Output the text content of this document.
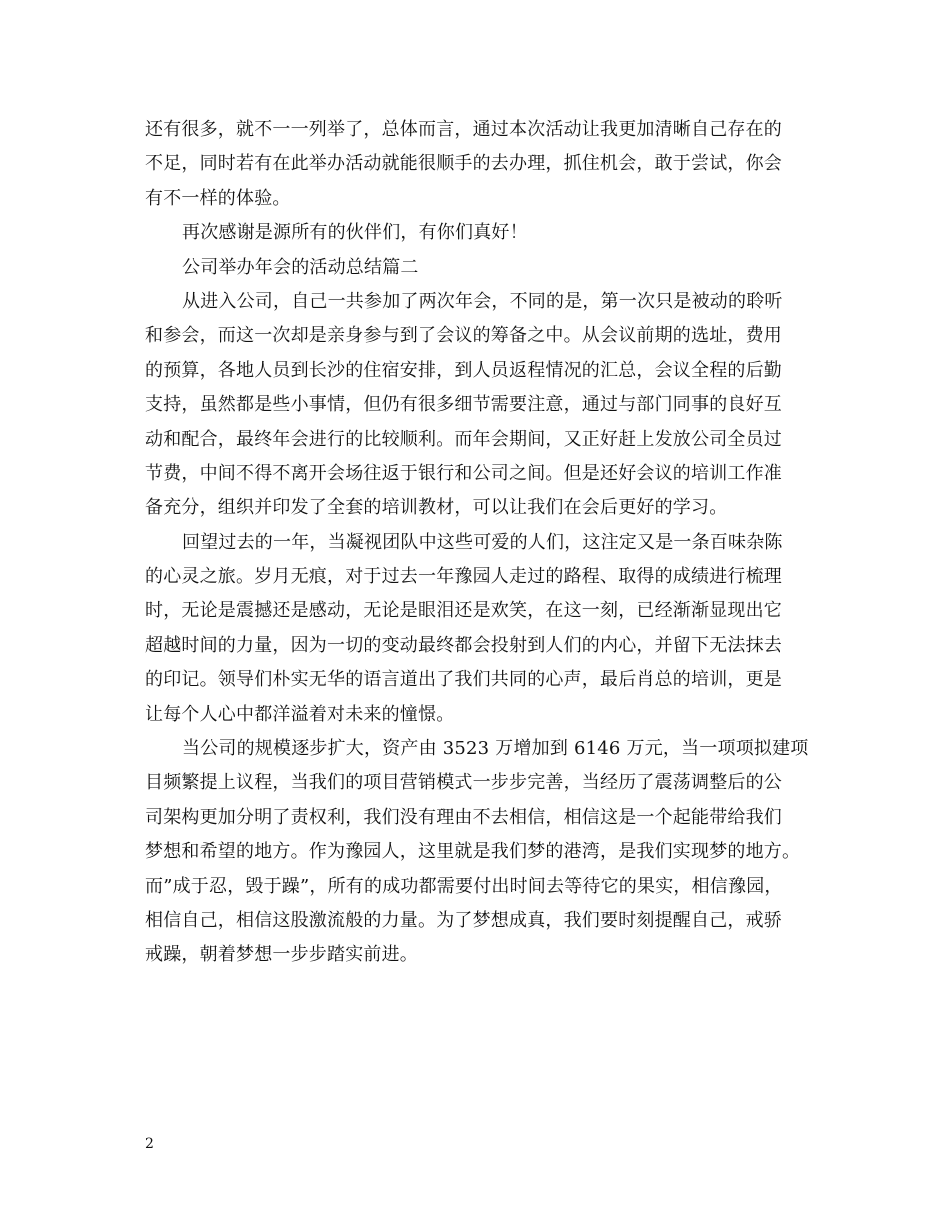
还有很多，就不一一列举了，总体而言，通过本次活动让我更加清晰自己存在的
不足，同时若有在此举办活动就能很顺手的去办理，抓住机会，敢于尝试，你会
有不一样的体验。
再次感谢是源所有的伙伴们，有你们真好！
公司举办年会的活动总结篇二
从进入公司，自己一共参加了两次年会，不同的是，第一次只是被动的聆听
和参会，而这一次却是亲身参与到了会议的筹备之中。从会议前期的选址，费用
的预算，各地人员到长沙的住宿安排，到人员返程情况的汇总，会议全程的后勤
支持，虽然都是些小事情，但仍有很多细节需要注意，通过与部门同事的良好互
动和配合，最终年会进行的比较顺利。而年会期间，又正好赶上发放公司全员过
节费，中间不得不离开会场往返于银行和公司之间。但是还好会议的培训工作准
备充分，组织并印发了全套的培训教材，可以让我们在会后更好的学习。
回望过去的一年，当凝视团队中这些可爱的人们，这注定又是一条百味杂陈
的心灵之旅。岁月无痕，对于过去一年豫园人走过的路程、取得的成绩进行梳理
时，无论是震撼还是感动，无论是眼泪还是欢笑，在这一刻，已经渐渐显现出它
超越时间的力量，因为一切的变动最终都会投射到人们的内心，并留下无法抹去
的印记。领导们朴实无华的语言道出了我们共同的心声，最后肖总的培训，更是
让每个人心中都洋溢着对未来的憧憬。
当公司的规模逐步扩大，资产由 3523 万增加到 6146 万元，当一项项拟建项
目频繁提上议程，当我们的项目营销模式一步步完善，当经历了震荡调整后的公
司架构更加分明了责权利，我们没有理由不去相信，相信这是一个起能带给我们
梦想和希望的地方。作为豫园人，这里就是我们梦的港湾，是我们实现梦的地方。
而”成于忍，毁于躁”，所有的成功都需要付出时间去等待它的果实，相信豫园，
相信自己，相信这股激流般的力量。为了梦想成真，我们要时刻提醒自己，戒骄
戒躁，朝着梦想一步步踏实前进。
2
